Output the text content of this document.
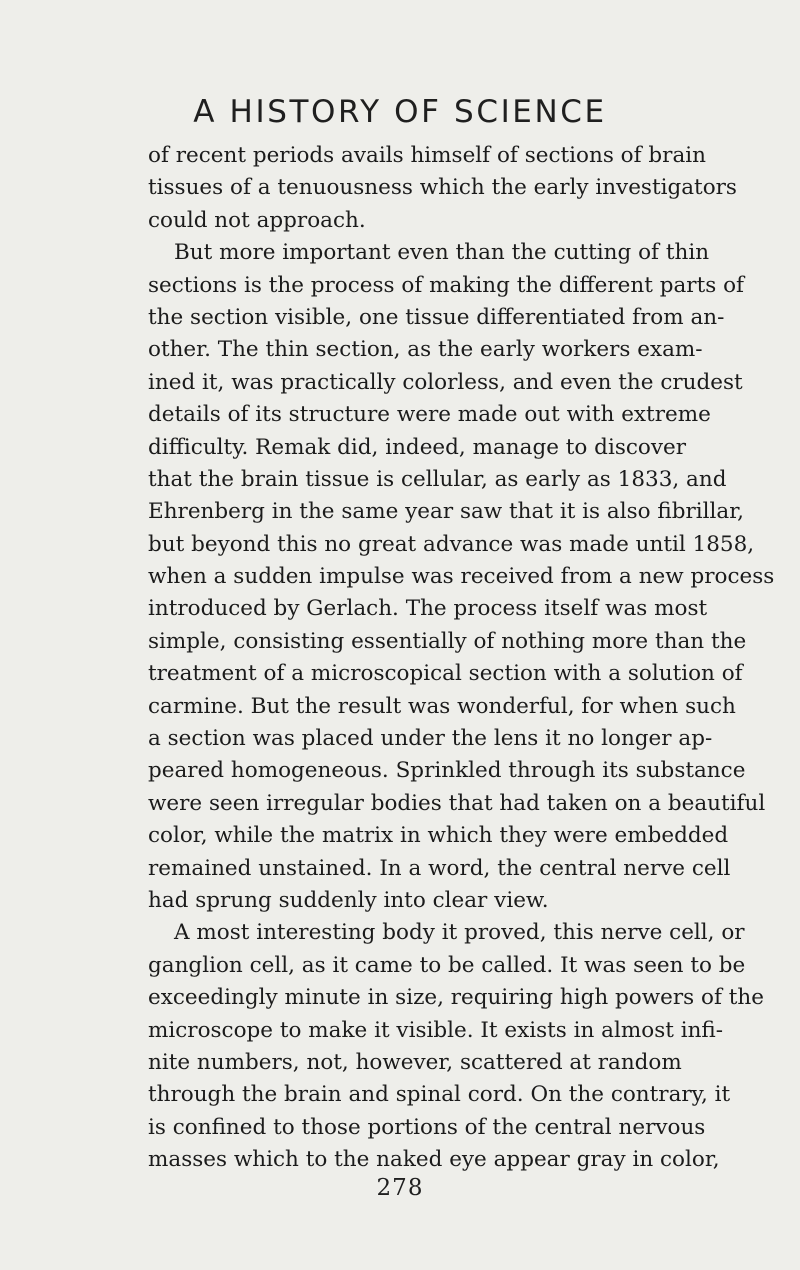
A HISTORY OF SCIENCE
of recent periods avails himself of sections of brain
tissues of a tenuousness which the early investigators
could not approach.
But more important even than the cutting of thin
sections is the process of making the different parts of
the section visible, one tissue differentiated from an-
other. The thin section, as the early workers exam-
ined it, was practically colorless, and even the crudest
details of its structure were made out with extreme
difficulty. Remak did, indeed, manage to discover
that the brain tissue is cellular, as early as 1833, and
Ehrenberg in the same year saw that it is also fibrillar,
but beyond this no great advance was made until 1858,
when a sudden impulse was received from a new process
introduced by Gerlach. The process itself was most
simple, consisting essentially of nothing more than the
treatment of a microscopical section with a solution of
carmine. But the result was wonderful, for when such
a section was placed under the lens it no longer ap-
peared homogeneous. Sprinkled through its substance
were seen irregular bodies that had taken on a beautiful
color, while the matrix in which they were embedded
remained unstained. In a word, the central nerve cell
had sprung suddenly into clear view.
A most interesting body it proved, this nerve cell, or
ganglion cell, as it came to be called. It was seen to be
exceedingly minute in size, requiring high powers of the
microscope to make it visible. It exists in almost infi-
nite numbers, not, however, scattered at random
through the brain and spinal cord. On the contrary, it
is confined to those portions of the central nervous
masses which to the naked eye appear gray in color,
278
